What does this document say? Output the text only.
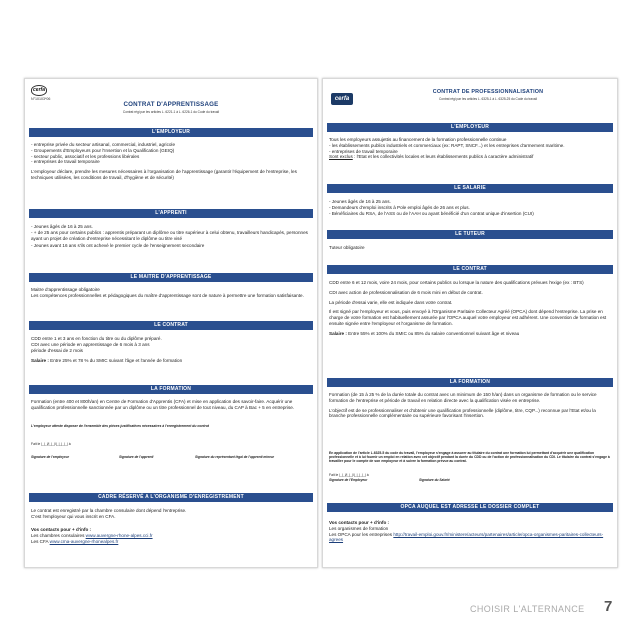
cerfa
N°10103*06
CONTRAT D'APPRENTISSAGE
Contrat régi par les articles L. 6221-1 à L. 6226-1 du Code du travail
L'EMPLOYEUR
- entreprise privée du secteur artisanal, commercial, industriel, agricole
- Groupements d'Employeurs pour l'Insertion et la Qualification (GEIQ)
- secteur public, associatif et les professions libérales
- entreprises de travail temporaire
L'employeur déclare, prendre les mesures nécessaires à l'organisation de l'apprentissage (garantir l'équipement de l'entreprise, les techniques utilisées, les conditions de travail, d'hygiène et de sécurité)
L'APPRENTI
- Jeunes âgés de 16 à 25 ans.
- + de 25 ans pour certains publics : apprentis préparant un diplôme ou titre supérieur à celui obtenu, travailleurs handicapés, personnes ayant un projet de création d'entreprise nécessitant le diplôme ou titre visé
- Jeunes avant 16 ans s'ils ont achevé le premier cycle de l'enseignement secondaire
LE MAITRE D'APPRENTISSAGE
Maitre d'apprentissage obligatoire
Les compétences professionnelles et pédagogiques du maître d'apprentissage sont de nature à permettre une formation satisfaisante.
LE CONTRAT
CDD entre 1 et 3 ans en fonction du titre ou du diplôme préparé.
CDI avec une période en apprentissage de 6 mois à 3 ans
période d'essai de 2 mois
Salaire : Entre 25% et 78 % du SMIC suivant l'âge et l'année de formation
LA FORMATION
Formation (entre 400 et 800h/an) en Centre de Formation d'Apprentis (CFA) et mise en application des savoir-faire. Acquérir une qualification professionnelle sanctionnée par un diplôme ou un titre professionnel de tout niveau, du CAP à Bac + 5 en entreprise.
L'employeur atteste disposer de l'ensemble des pièces justificatives nécessaires à l'enregistrement du contrat
Fait le |_|_|/|_|_|/|_|_|_|_| à
Signature de l'employeur	Signature de l'apprenti	Signature du représentant légal de l'apprenti mineur
CADRE RÉSERVÉ A L'ORGANISME D'ENREGISTREMENT
Le contrat est enregistré par la chambre consulaire dont dépend l'entreprise.
C'est l'employeur qui vous inscrit en CFA.
Vos contacts pour + d'info :
Les chambres consulaires www.auvergne-rhone-alpes.cci.fr
Les CFA www.cma-auvergne-rhonealpes.fr
cerfa
CONTRAT DE PROFESSIONNALISATION
Contrat régi par les articles L. 6325-1 à L. 6325-25 du Code du travail
L'EMPLOYEUR
Tous les employeurs assujettis au financement de la formation professionnelle continue
- les établissements publics industriels et commerciaux (ex: RAPT, SNCF...) et les entreprises d'armement maritime.
- entreprises de travail temporaire
Sont exclus : l'Etat et les collectivités locales et leurs établissements publics à caractère administratif
LE SALARIE
- Jeunes âgés de 16 à 25 ans.
- Demandeurs d'emploi inscrits à Pole emploi âgés de 26 ans et plus.
- Bénéficiaires du RSA, de l'ASS ou de l'AAH ou ayant bénéficié d'un contrat unique d'insertion (CUI)
LE TUTEUR
Tuteur obligatoire
LE CONTRAT
CDD entre 6 et 12 mois, voire 24 mois, pour certains publics ou lorsque la nature des qualifications prévues l'exige (ex : BTS)
CDI avec action de professionnalisation de 6 mois mini en début de contrat.
La période d'essai varie, elle est indiquée dans votre contrat.
Il est signé par l'employeur et vous, puis envoyé à l'Organisme Paritaire Collecteur Agréé (OPCA) dont dépend l'entreprise. La prise en charge de votre formation est habituellement assurée par l'OPCA auquel votre employeur est adhérent. Une convention de formation est ensuite signée entre l'employeur et l'organisme de formation.
Salaire : Entre 55% et 100% du SMIC ou 85% du salaire conventionnel suivant âge et niveau
LA FORMATION
Formation (de 15 à 25 % de la durée totale du contrat avec un minimum de 150 h/an) dans un organisme de formation ou le service formation de l'entreprise et période de travail en relation directe avec la qualification visée en entreprise.
L'objectif est de se professionnaliser et d'obtenir une qualification professionnelle (diplôme, titre, CQP...) reconnue par l'Etat et/ou la branche professionnelle complémentaire ou supérieure favorisant l'insertion.
En application de l'article L.6325-5 du code du travail, l'employeur s'engage à assurer au titulaire du contrat une formation lui permettant d'acquérir une qualification professionnelle et à lui fournir un emploi en relation avec cet objectif pendant la durée du CDD ou de l'action de professionnalisation du CDI. Le titulaire du contrat s'engage à travailler pour le compte de son employeur et à suivre la formation prévue au contrat.
Fait le |_|_|/|_|_|/|_|_|_|_| à
Signature de l'Employeur	Signature du Salarié
OPCA AUQUEL EST ADRESSE LE DOSSIER COMPLET
Vos contacts pour + d'info :
Les organismes de formation
Les OPCA pour les entreprises http://travail-emploi.gouv.fr/ministere/acteurs/partenaires/article/opca-organismes-paritaires-collecteurs-agrees
CHOISIR L'ALTERNANCE 7
